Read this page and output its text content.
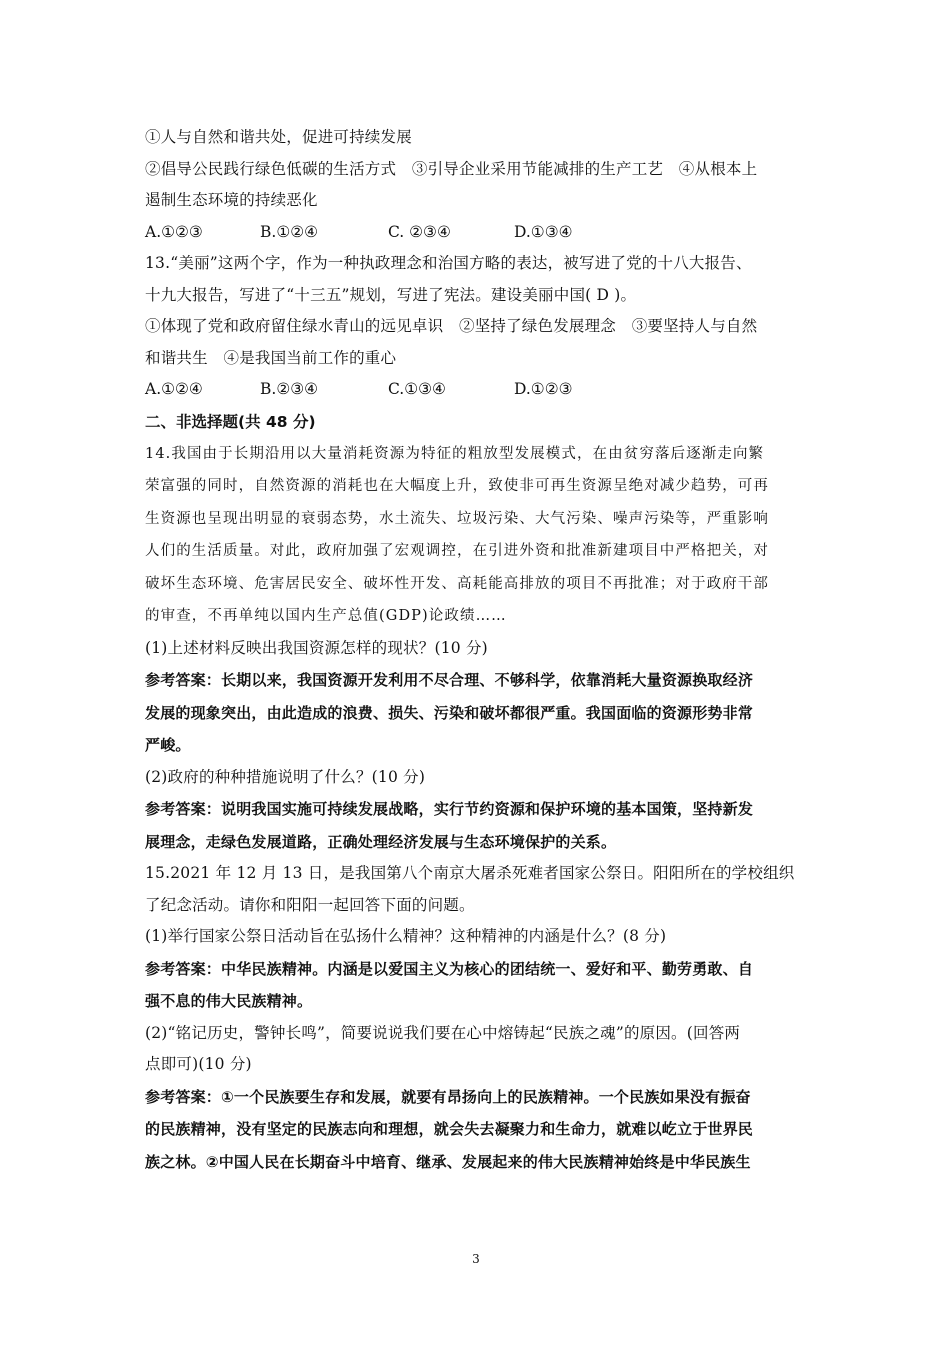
①人与自然和谐共处，促进可持续发展
②倡导公民践行绿色低碳的生活方式　③引导企业采用节能减排的生产工艺　④从根本上
遏制生态环境的持续恶化
A.①②③	B.①②④	C. ②③④	D.①③④
13.“美丽”这两个字，作为一种执政理念和治国方略的表达，被写进了党的十八大报告、
十九大报告，写进了“十三五”规划，写进了宪法。建设美丽中国( D )。
①体现了党和政府留住绿水青山的远见卓识　②坚持了绿色发展理念　③要坚持人与自然
和谐共生　④是我国当前工作的重心
A.①②④	B.②③④	C.①③④	D.①②③
二、非选择题(共 48 分)
14.我国由于长期沿用以大量消耗资源为特征的粗放型发展模式，在由贫穷落后逐渐走向繁
荣富强的同时，自然资源的消耗也在大幅度上升，致使非可再生资源呈绝对减少趋势，可再
生资源也呈现出明显的衰弱态势，水土流失、垃圾污染、大气污染、噪声污染等，严重影响
人们的生活质量。对此，政府加强了宏观调控，在引进外资和批准新建项目中严格把关，对
破坏生态环境、危害居民安全、破坏性开发、高耗能高排放的项目不再批准；对于政府干部
的审查，不再单纯以国内生产总值(GDP)论政绩……
(1)上述材料反映出我国资源怎样的现状？(10 分)
参考答案：长期以来，我国资源开发利用不尽合理、不够科学，依靠消耗大量资源换取经济
发展的现象突出，由此造成的浪费、损失、污染和破坏都很严重。我国面临的资源形势非常
严峻。
(2)政府的种种措施说明了什么？(10 分)
参考答案：说明我国实施可持续发展战略，实行节约资源和保护环境的基本国策，坚持新发
展理念，走绿色发展道路，正确处理经济发展与生态环境保护的关系。
15.2021 年 12 月 13 日，是我国第八个南京大屠杀死难者国家公祭日。阳阳所在的学校组织
了纪念活动。请你和阳阳一起回答下面的问题。
(1)举行国家公祭日活动旨在弘扬什么精神？这种精神的内涵是什么？(8 分)
参考答案：中华民族精神。内涵是以爱国主义为核心的团结统一、爱好和平、勤劳勇敢、自
强不息的伟大民族精神。
(2)“铭记历史，警钟长鸣”，简要说说我们要在心中熔铸起“民族之魂”的原因。(回答两
点即可)(10 分)
参考答案：①一个民族要生存和发展，就要有昂扬向上的民族精神。一个民族如果没有振奋
的民族精神，没有坚定的民族志向和理想，就会失去凝聚力和生命力，就难以屹立于世界民
族之林。②中国人民在长期奋斗中培育、继承、发展起来的伟大民族精神始终是中华民族生
3
